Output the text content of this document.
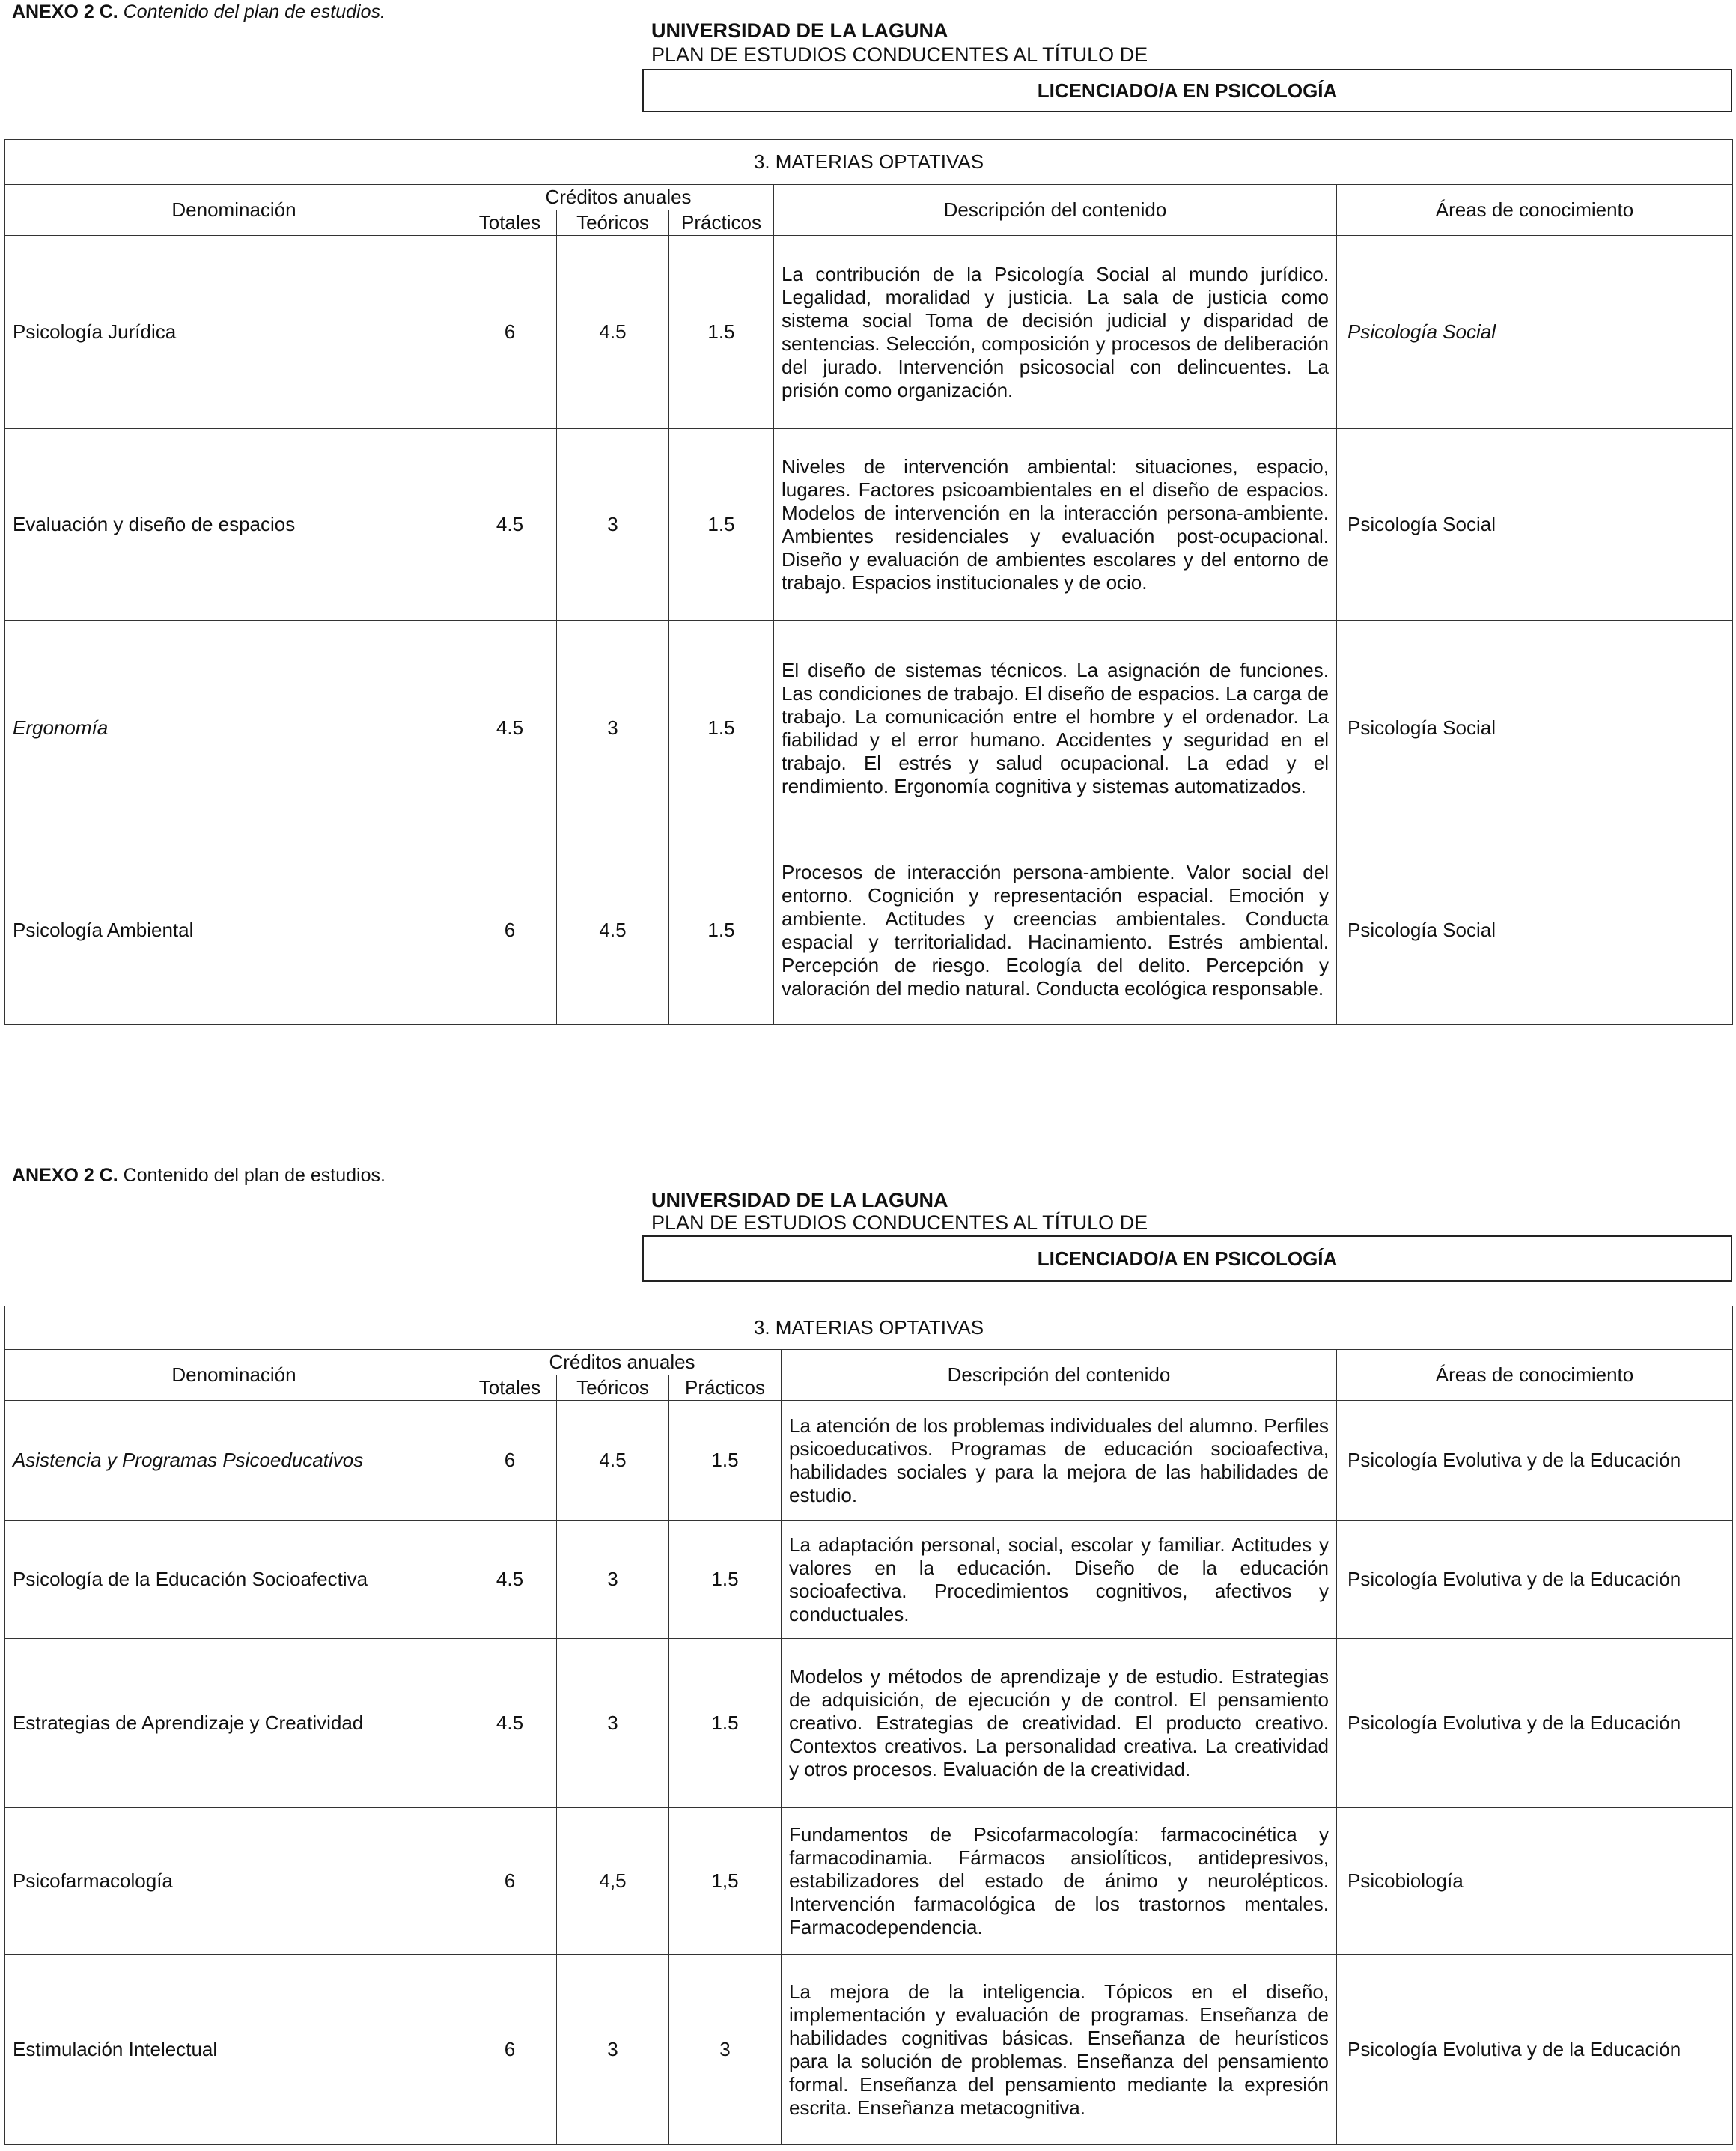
ANEXO 2 C. Contenido del plan de estudios.
UNIVERSIDAD DE LA LAGUNA
PLAN DE ESTUDIOS CONDUCENTES AL TÍTULO DE
LICENCIADO/A EN PSICOLOGÍA
3. MATERIAS OPTATIVAS					
Denominación	Créditos anuales			Descripción del contenido	Áreas de conocimiento
	Totales	Teóricos	Prácticos		
Psicología Jurídica	6	4.5	1.5	La contribución de la Psicología Social al mundo jurídico. Legalidad, moralidad y justicia. La sala de justicia como sistema social Toma de decisión judicial y disparidad de sentencias. Selección, composición y procesos de deliberación del jurado. Intervención psicosocial con delincuentes. La prisión como organización.	Psicología Social
Evaluación y diseño de espacios	4.5	3	1.5	Niveles de intervención ambiental: situaciones, espacio, lugares. Factores psicoambientales en el diseño de espacios. Modelos de intervención en la interacción persona-ambiente. Ambientes residenciales y evaluación post-ocupacional. Diseño y evaluación de ambientes escolares y del entorno de trabajo. Espacios institucionales y de ocio.	Psicología Social
Ergonomía	4.5	3	1.5	El diseño de sistemas técnicos. La asignación de funciones. Las condiciones de trabajo. El diseño de espacios. La carga de trabajo. La comunicación entre el hombre y el ordenador. La fiabilidad y el error humano. Accidentes y seguridad en el trabajo. El estrés y salud ocupacional. La edad y el rendimiento. Ergonomía cognitiva y sistemas automatizados.	Psicología Social
Psicología Ambiental	6	4.5	1.5	Procesos de interacción persona-ambiente. Valor social del entorno. Cognición y representación espacial. Emoción y ambiente. Actitudes y creencias ambientales. Conducta espacial y territorialidad. Hacinamiento. Estrés ambiental. Percepción de riesgo. Ecología del delito. Percepción y valoración del medio natural. Conducta ecológica responsable.	Psicología Social
ANEXO 2 C. Contenido del plan de estudios.
UNIVERSIDAD DE LA LAGUNA
PLAN DE ESTUDIOS CONDUCENTES AL TÍTULO DE
LICENCIADO/A EN PSICOLOGÍA
3. MATERIAS OPTATIVAS					
Denominación	Créditos anuales			Descripción del contenido	Áreas de conocimiento
	Totales	Teóricos	Prácticos		
Asistencia y Programas Psicoeducativos	6	4.5	1.5	La atención de los problemas individuales del alumno. Perfiles psicoeducativos. Programas de educación socioafectiva, habilidades sociales y para la mejora de las habilidades de estudio.	Psicología Evolutiva y de la Educación
Psicología de la Educación Socioafectiva	4.5	3	1.5	La adaptación personal, social, escolar y familiar. Actitudes y valores en la educación. Diseño de la educación socioafectiva. Procedimientos cognitivos, afectivos y conductuales.	Psicología Evolutiva y de la Educación
Estrategias de Aprendizaje y Creatividad	4.5	3	1.5	Modelos y métodos de aprendizaje y de estudio. Estrategias de adquisición, de ejecución y de control. El pensamiento creativo. Estrategias de creatividad. El producto creativo. Contextos creativos. La personalidad creativa. La creatividad y otros procesos. Evaluación de la creatividad.	Psicología Evolutiva y de la Educación
Psicofarmacología	6	4,5	1,5	Fundamentos de Psicofarmacología: farmacocinética y farmacodinamia. Fármacos ansiolíticos, antidepresivos, estabilizadores del estado de ánimo y neurolépticos. Intervención farmacológica de los trastornos mentales. Farmacodependencia.	Psicobiología
Estimulación Intelectual	6	3	3	La mejora de la inteligencia. Tópicos en el diseño, implementación y evaluación de programas. Enseñanza de habilidades cognitivas básicas. Enseñanza de heurísticos para la solución de problemas. Enseñanza del pensamiento formal. Enseñanza del pensamiento mediante la expresión escrita. Enseñanza metacognitiva.	Psicología Evolutiva y de la Educación
